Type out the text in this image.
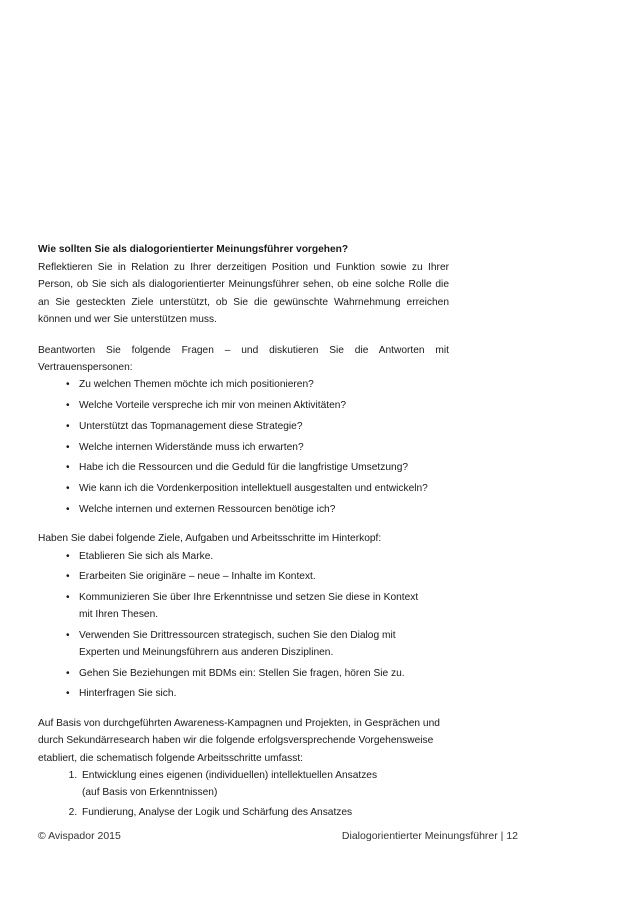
Wie sollten Sie als dialogorientierter Meinungsführer vorgehen?

Reflektieren Sie in Relation zu Ihrer derzeitigen Position und Funktion sowie zu Ihrer Person, ob Sie sich als dialogorientierter Meinungsführer sehen, ob eine solche Rolle die an Sie gesteckten Ziele unterstützt, ob Sie die gewünschte Wahrnehmung erreichen können und wer Sie unterstützen muss.

Beantworten Sie folgende Fragen – und diskutieren Sie die Antworten mit Vertrauenspersonen:

• Zu welchen Themen möchte ich mich positionieren?
• Welche Vorteile verspreche ich mir von meinen Aktivitäten?
• Unterstützt das Topmanagement diese Strategie?
• Welche internen Widerstände muss ich erwarten?
• Habe ich die Ressourcen und die Geduld für die langfristige Umsetzung?
• Wie kann ich die Vordenkerposition intellektuell ausgestalten und entwickeln?
• Welche internen und externen Ressourcen benötige ich?

Haben Sie dabei folgende Ziele, Aufgaben und Arbeitsschritte im Hinterkopf:

• Etablieren Sie sich als Marke.
• Erarbeiten Sie originäre – neue – Inhalte im Kontext.
• Kommunizieren Sie über Ihre Erkenntnisse und setzen Sie diese in Kontext mit Ihren Thesen.
• Verwenden Sie Drittressourcen strategisch, suchen Sie den Dialog mit Experten und Meinungsführern aus anderen Disziplinen.
• Gehen Sie Beziehungen mit BDMs ein: Stellen Sie fragen, hören Sie zu.
• Hinterfragen Sie sich.

Auf Basis von durchgeführten Awareness-Kampagnen und Projekten, in Gesprächen und durch Sekundärresearch haben wir die folgende erfolgsversprechende Vorgehensweise etabliert, die schematisch folgende Arbeitsschritte umfasst:

1. Entwicklung eines eigenen (individuellen) intellektuellen Ansatzes (auf Basis von Erkenntnissen)
2. Fundierung, Analyse der Logik und Schärfung des Ansatzes
© Avispador 2015	Dialogorientierter Meinungsführer | 12
